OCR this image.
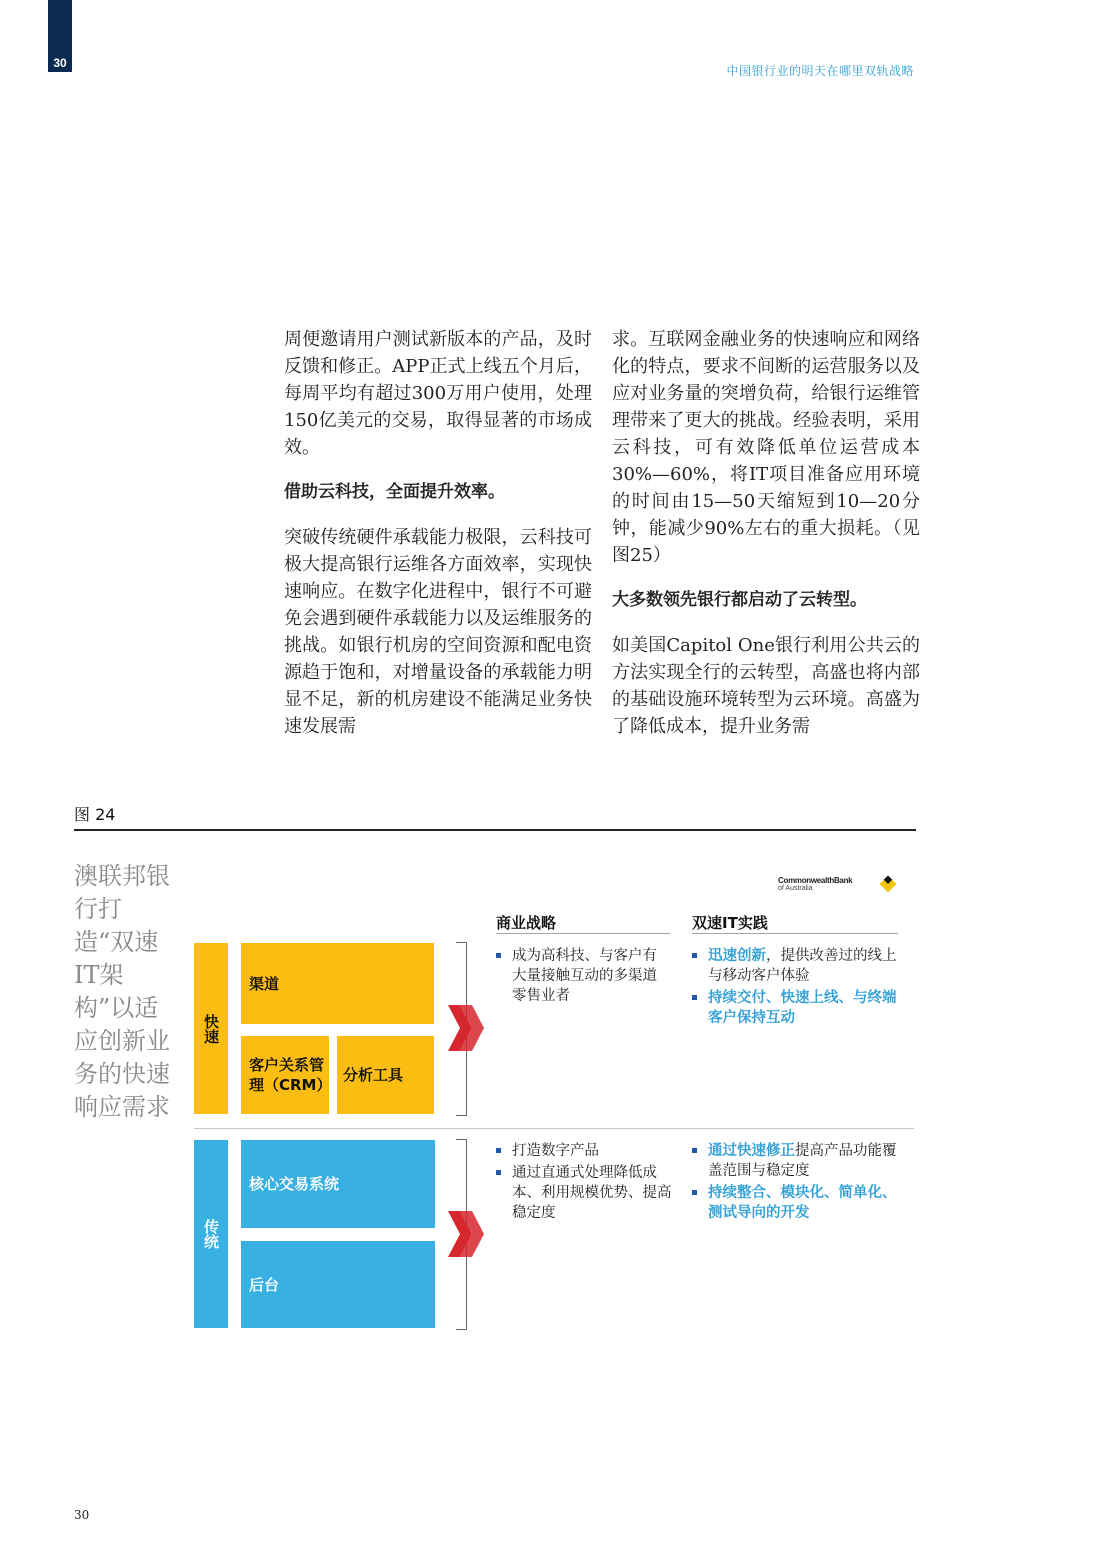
30
中国银行业的明天在哪里双轨战略

周便邀请用户测试新版本的产品，及时反馈和修正。APP正式上线五个月后，每周平均有超过300万用户使用，处理150亿美元的交易，取得显著的市场成效。

借助云科技，全面提升效率。

突破传统硬件承载能力极限，云科技可极大提高银行运维各方面效率，实现快速响应。在数字化进程中，银行不可避免会遇到硬件承载能力以及运维服务的挑战。如银行机房的空间资源和配电资源趋于饱和，对增量设备的承载能力明显不足，新的机房建设不能满足业务快速发展需

求。互联网金融业务的快速响应和网络化的特点，要求不间断的运营服务以及应对业务量的突增负荷，给银行运维管理带来了更大的挑战。经验表明，采用云科技，可有效降低单位运营成本30%—60%，将IT项目准备应用环境的时间由15—50天缩短到10—20分钟，能减少90%左右的重大损耗。（见图25）

大多数领先银行都启动了云转型。

如美国Capitol One银行利用公共云的方法实现全行的云转型，高盛也将内部的基础设施环境转型为云环境。高盛为了降低成本，提升业务需

图 24
澳联邦银行打造“双速IT架构”以适应创新业务的快速响应需求
CommonwealthBank
of Australia
商业战略	双速IT实践
快速
渠道
客户关系管理（CRM）
分析工具
成为高科技、与客户有大量接触互动的多渠道零售业者
迅速创新，提供改善过的线上与移动客户体验
持续交付、快速上线、与终端客户保持互动
传统
核心交易系统
后台
打造数字产品
通过直通式处理降低成本、利用规模优势、提高稳定度
通过快速修正提高产品功能覆盖范围与稳定度
持续整合、模块化、简单化、测试导向的开发
30
